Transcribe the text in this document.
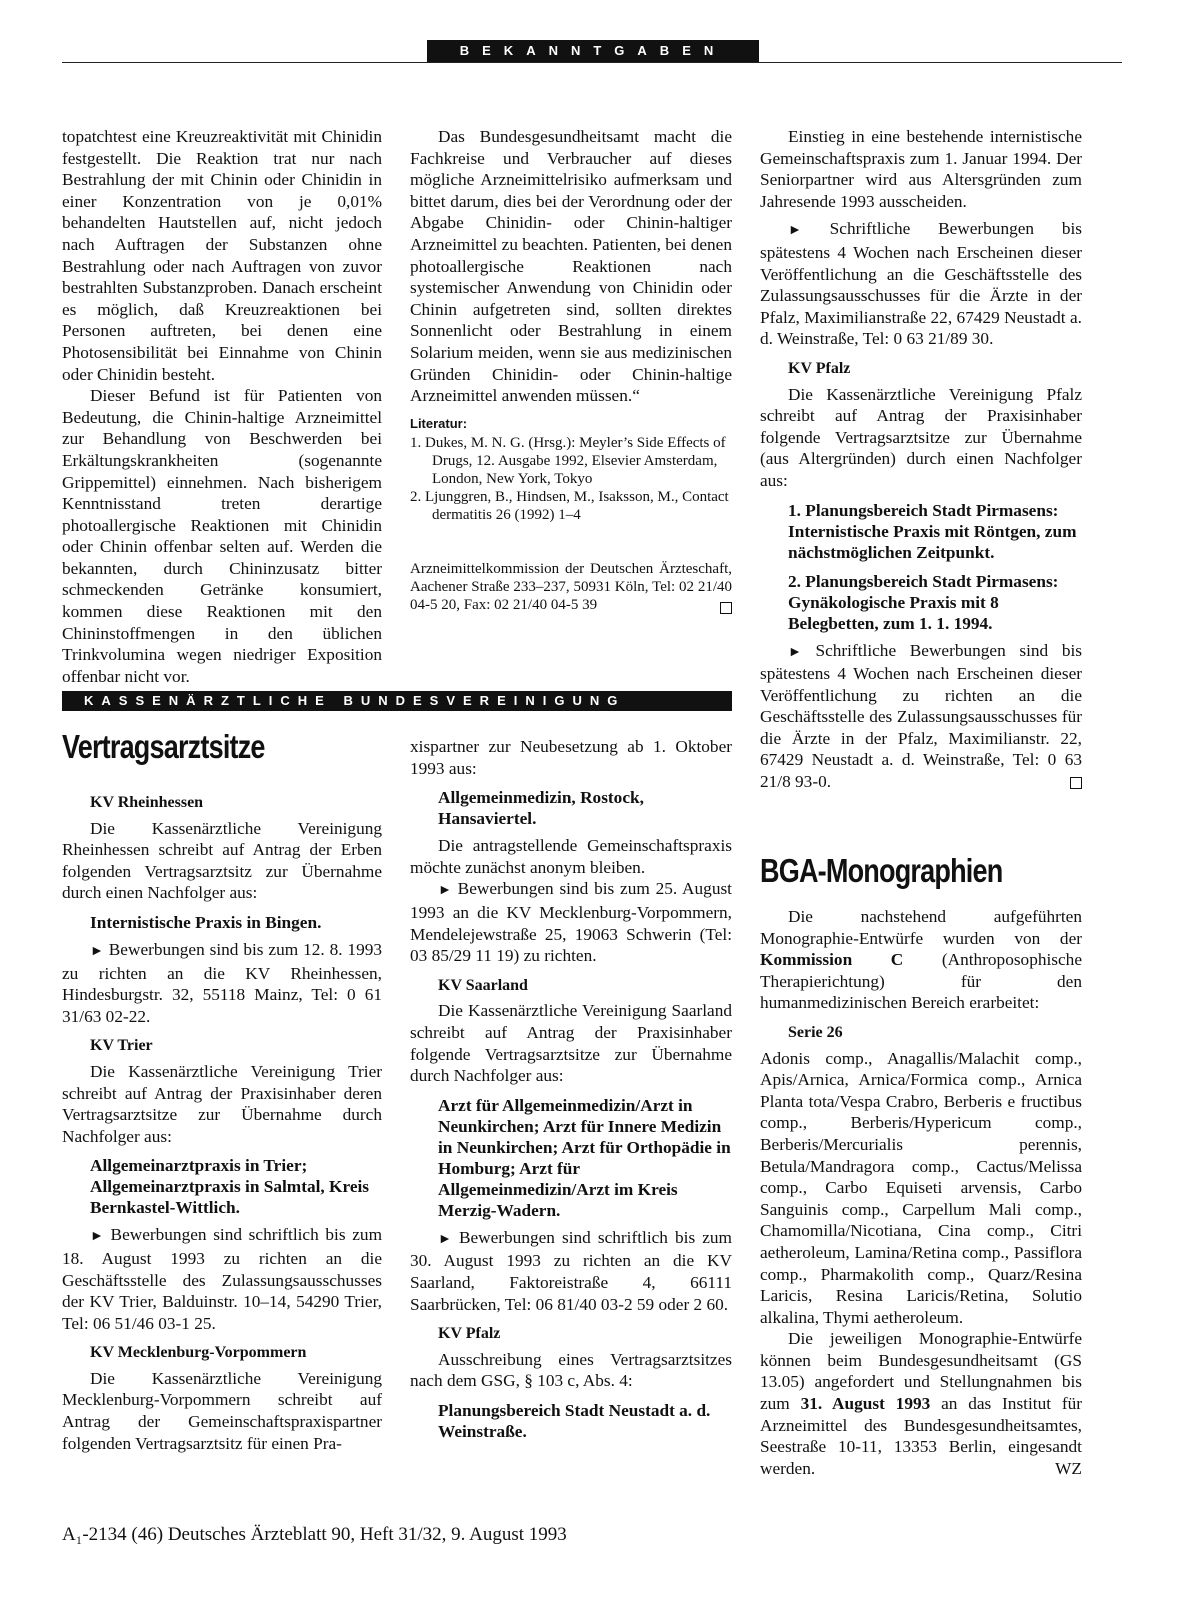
BEKANNTGABEN

topatchtest eine Kreuzreaktivität mit Chinidin festgestellt. Die Reaktion trat nur nach Bestrahlung der mit Chinin oder Chinidin in einer Konzentration von je 0,01% behandelten Hautstellen auf, nicht jedoch nach Auftragen der Substanzen ohne Bestrahlung oder nach Auftragen von zuvor bestrahlten Substanzproben. Danach erscheint es möglich, daß Kreuzreaktionen bei Personen auftreten, bei denen eine Photosensibilität bei Einnahme von Chinin oder Chinidin besteht.

Dieser Befund ist für Patienten von Bedeutung, die Chinin-haltige Arzneimittel zur Behandlung von Beschwerden bei Erkältungskrankheiten (sogenannte Grippemittel) einnehmen. Nach bisherigem Kenntnisstand treten derartige photoallergische Reaktionen mit Chinidin oder Chinin offenbar selten auf. Werden die bekannten, durch Chininzusatz bitter schmeckenden Getränke konsumiert, kommen diese Reaktionen mit den Chininstoffmengen in den üblichen Trinkvolumina wegen niedriger Exposition offenbar nicht vor.

Das Bundesgesundheitsamt macht die Fachkreise und Verbraucher auf dieses mögliche Arzneimittelrisiko aufmerksam und bittet darum, dies bei der Verordnung oder der Abgabe Chinidin- oder Chinin-haltiger Arzneimittel zu beachten. Patienten, bei denen photoallergische Reaktionen nach systemischer Anwendung von Chinidin oder Chinin aufgetreten sind, sollten direktes Sonnenlicht oder Bestrahlung in einem Solarium meiden, wenn sie aus medizinischen Gründen Chinidin- oder Chinin-haltige Arzneimittel anwenden müssen.“

Literatur:

1. Dukes, M. N. G. (Hrsg.): Meyler’s Side Effects of Drugs, 12. Ausgabe 1992, Elsevier Amsterdam, London, New York, Tokyo

2. Ljunggren, B., Hindsen, M., Isaksson, M., Contact dermatitis 26 (1992) 1–4

Arzneimittelkommission der Deutschen Ärzteschaft, Aachener Straße 233–237, 50931 Köln, Tel: 02 21/40 04-5 20, Fax: 02 21/40 04-5 39

Einstieg in eine bestehende internistische Gemeinschaftspraxis zum 1. Januar 1994. Der Seniorpartner wird aus Altersgründen zum Jahresende 1993 ausscheiden.

► Schriftliche Bewerbungen bis spätestens 4 Wochen nach Erscheinen dieser Veröffentlichung an die Geschäftsstelle des Zulassungsausschusses für die Ärzte in der Pfalz, Maximilianstraße 22, 67429 Neustadt a. d. Weinstraße, Tel: 0 63 21/89 30.

KV Pfalz

Die Kassenärztliche Vereinigung Pfalz schreibt auf Antrag der Praxisinhaber folgende Vertragsarztsitze zur Übernahme (aus Altergründen) durch einen Nachfolger aus:

1. Planungsbereich Stadt Pirmasens: Internistische Praxis mit Röntgen, zum nächstmöglichen Zeitpunkt.

2. Planungsbereich Stadt Pirmasens: Gynäkologische Praxis mit 8 Belegbetten, zum 1. 1. 1994.

► Schriftliche Bewerbungen sind bis spätestens 4 Wochen nach Erscheinen dieser Veröffentlichung zu richten an die Geschäftsstelle des Zulassungsausschusses für die Ärzte in der Pfalz, Maximilianstr. 22, 67429 Neustadt a. d. Weinstraße, Tel: 0 63 21/8 93-0.

BGA-Monographien

Die nachstehend aufgeführten Monographie-Entwürfe wurden von der Kommission C (Anthroposophische Therapierichtung) für den humanmedizinischen Bereich erarbeitet:

Serie 26

Adonis comp., Anagallis/Malachit comp., Apis/Arnica, Arnica/Formica comp., Arnica Planta tota/Vespa Crabro, Berberis e fructibus comp., Berberis/Hypericum comp., Berberis/Mercurialis perennis, Betula/Mandragora comp., Cactus/Melissa comp., Carbo Equiseti arvensis, Carbo Sanguinis comp., Carpellum Mali comp., Chamomilla/Nicotiana, Cina comp., Citri aetheroleum, Lamina/Retina comp., Passiflora comp., Pharmakolith comp., Quarz/Resina Laricis, Resina Laricis/Retina, Solutio alkalina, Thymi aetheroleum.

Die jeweiligen Monographie-Entwürfe können beim Bundesgesundheitsamt (GS 13.05) angefordert und Stellungnahmen bis zum 31. August 1993 an das Institut für Arzneimittel des Bundesgesundheitsamtes, Seestraße 10-11, 13353 Berlin, eingesandt werden.	WZ

KASSENÄRZTLICHE BUNDESVEREINIGUNG
Vertragsarztsitze

KV Rheinhessen

Die Kassenärztliche Vereinigung Rheinhessen schreibt auf Antrag der Erben folgenden Vertragsarztsitz zur Übernahme durch einen Nachfolger aus:

Internistische Praxis in Bingen.

► Bewerbungen sind bis zum 12. 8. 1993 zu richten an die KV Rheinhessen, Hindesburgstr. 32, 55118 Mainz, Tel: 0 61 31/63 02-22.

KV Trier

Die Kassenärztliche Vereinigung Trier schreibt auf Antrag der Praxisinhaber deren Vertragsarztsitze zur Übernahme durch Nachfolger aus:

Allgemeinarztpraxis in Trier; Allgemeinarztpraxis in Salmtal, Kreis Bernkastel-Wittlich.

► Bewerbungen sind schriftlich bis zum 18. August 1993 zu richten an die Geschäftsstelle des Zulassungsausschusses der KV Trier, Balduinstr. 10–14, 54290 Trier, Tel: 06 51/46 03-1 25.

KV Mecklenburg-Vorpommern

Die Kassenärztliche Vereinigung Mecklenburg-Vorpommern schreibt auf Antrag der Gemeinschaftspraxispartner folgenden Vertragsarztsitz für einen Pra-

xispartner zur Neubesetzung ab 1. Oktober 1993 aus:

Allgemeinmedizin, Rostock, Hansaviertel.

Die antragstellende Gemeinschaftspraxis möchte zunächst anonym bleiben.

► Bewerbungen sind bis zum 25. August 1993 an die KV Mecklenburg-Vorpommern, Mendelejewstraße 25, 19063 Schwerin (Tel: 03 85/29 11 19) zu richten.

KV Saarland

Die Kassenärztliche Vereinigung Saarland schreibt auf Antrag der Praxisinhaber folgende Vertragsarztsitze zur Übernahme durch Nachfolger aus:

Arzt für Allgemeinmedizin/Arzt in Neunkirchen; Arzt für Innere Medizin in Neunkirchen; Arzt für Orthopädie in Homburg; Arzt für Allgemeinmedizin/Arzt im Kreis Merzig-Wadern.

► Bewerbungen sind schriftlich bis zum 30. August 1993 zu richten an die KV Saarland, Faktoreistraße 4, 66111 Saarbrücken, Tel: 06 81/40 03-2 59 oder 2 60.

KV Pfalz

Ausschreibung eines Vertragsarztsitzes nach dem GSG, § 103 c, Abs. 4:

Planungsbereich Stadt Neustadt a. d. Weinstraße.

A₁-2134 (46) Deutsches Ärzteblatt 90, Heft 31/32, 9. August 1993
